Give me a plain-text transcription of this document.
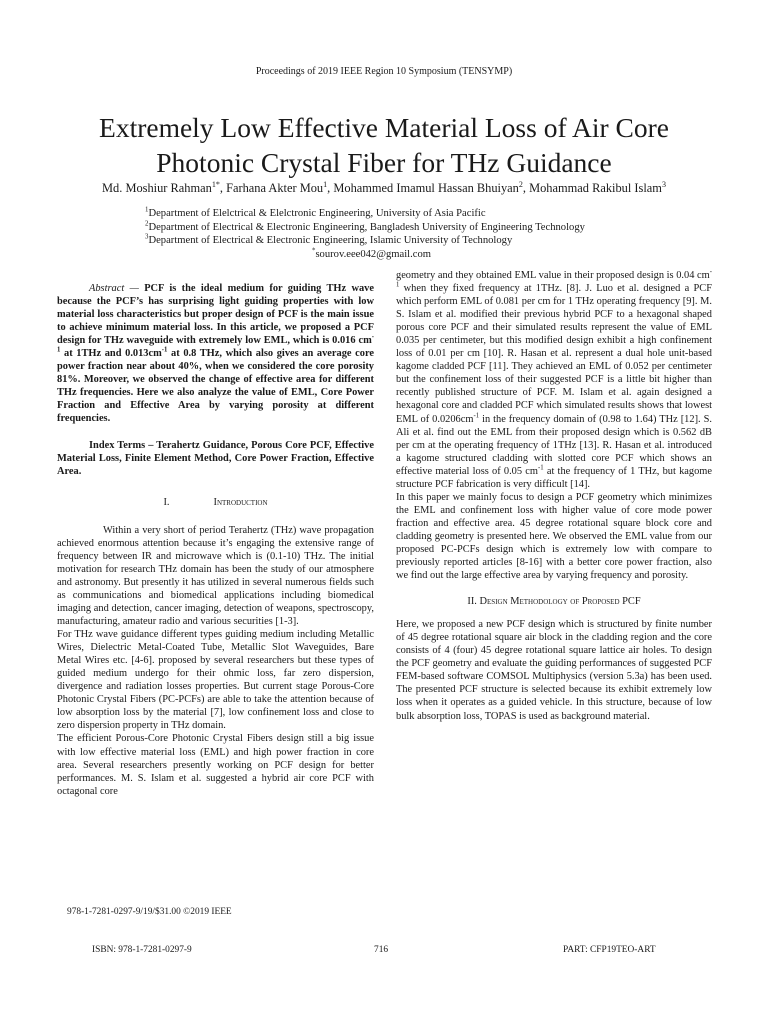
Proceedings of 2019 IEEE Region 10 Symposium (TENSYMP)
Extremely Low Effective Material Loss of Air Core Photonic Crystal Fiber for THz Guidance
Md. Moshiur Rahman$^{1*}$, Farhana Akter Mou$^1$, Mohammed Imamul Hassan Bhuiyan$^2$, Mohammad Rakibul Islam$^3$
$^1$Department of Elelctrical & Elelctronic Engineering, University of Asia Pacific
$^2$Department of Electrical & Electronic Engineering, Bangladesh University of Engineering Technology
$^3$Department of Electrical & Electronic Engineering, Islamic University of Technology
*sourov.eee042@gmail.com

Abstract — PCF is the ideal medium for guiding THz wave because the PCF’s has surprising light guiding properties with low material loss characteristics but proper design of PCF is the main issue to achieve minimum material loss. In this article, we proposed a PCF design for THz waveguide with extremely low EML, which is 0.016 $cm^{-1}$ at 1THz and $0.013cm^{-1}$ at 0.8 THz, which also gives an average core power fraction near about 40%, when we considered the core porosity 81%. Moreover, we observed the change of effective area for different THz frequencies. Here we also analyze the value of EML, Core Power Fraction and Effective Area by varying porosity at different frequencies.

Index Terms – Terahertz Guidance, Porous Core PCF, Effective Material Loss, Finite Element Method, Core Power Fraction, Effective Area.

I.	Introduction

Within a very short of period Terahertz (THz) wave propagation achieved enormous attention because it’s engaging the extensive range of frequency between IR and microwave which is (0.1-10) THz. The initial motivation for research THz domain has been the study of our atmosphere and astronomy. But presently it has utilized in several numerous fields such as communications and biomedical applications including biomedical imaging and detection, cancer imaging, detection of weapons, spectroscopy, manufacturing, amateur radio and various securities [1-3].

For THz wave guidance different types guiding medium including Metallic Wires, Dielectric Metal-Coated Tube, Metallic Slot Waveguides, Bare Metal Wires etc. [4-6]. proposed by several researchers but these types of guided medium undergo for their ohmic loss, far zero dispersion, divergence and radiation losses properties. But current stage Porous-Core Photonic Crystal Fibers (PC-PCFs) are able to take the attention because of low absorption loss by the material [7], low confinement loss and close to zero dispersion property in THz domain.

The efficient Porous-Core Photonic Crystal Fibers design still a big issue with low effective material loss (EML) and high power fraction in core area. Several researchers presently working on PCF design for better performances. M. S. Islam et al. suggested a hybrid air core PCF with octagonal core

geometry and they obtained EML value in their proposed design is 0.04 $cm^{-1}$ when they fixed frequency at 1THz. [8]. J. Luo et al. designed a PCF which perform EML of 0.081 per cm for 1 THz operating frequency [9]. M. S. Islam et al. modified their previous hybrid PCF to a hexagonal shaped porous core PCF and their simulated results represent the value of EML 0.035 per centimeter, but this modified design exhibit a high confinement loss of 0.01 per cm [10]. R. Hasan et al. represent a dual hole unit-based kagome cladded PCF [11]. They achieved an EML of 0.052 per centimeter but the confinement loss of their suggested PCF is a little bit higher than recently published structure of PCF. M. Islam et al. again designed a hexagonal core and cladded PCF which simulated results shows that lowest EML of $0.0206cm^{-1}$ in the frequency domain of (0.98 to 1.64) THz [12]. S. Ali et al. find out the EML from their proposed design which is 0.562 dB per cm at the operating frequency of 1THz [13]. R. Hasan et al. introduced a kagome structured cladding with slotted core PCF which shows an effective material loss of 0.05 $cm^{-1}$ at the frequency of 1 THz, but kagome structure PCF fabrication is very difficult [14].

In this paper we mainly focus to design a PCF geometry which minimizes the EML and confinement loss with higher value of core mode power fraction and effective area. 45 degree rotational square block core and cladding geometry is presented here. We observed the EML value from our proposed PC-PCFs design which is extremely low with compare to previously reported articles [8-16] with a better core power fraction, also we find out the large effective area by varying frequency and porosity.

II. Design Methodology of Proposed PCF

Here, we proposed a new PCF design which is structured by finite number of 45 degree rotational square air block in the cladding region and the core consists of 4 (four) 45 degree rotational square lattice air holes. To design the PCF geometry and evaluate the guiding performances of suggested PCF FEM-based software COMSOL Multiphysics (version 5.3a) has been used. The presented PCF structure is selected because its exhibit extremely low loss when it operates as a guided vehicle. In this structure, because of low bulk absorption loss, TOPAS is used as background material.

978-1-7281-0297-9/19/$31.00 ©2019 IEEE
ISBN: 978-1-7281-0297-9	716	PART: CFP19TEO-ART
